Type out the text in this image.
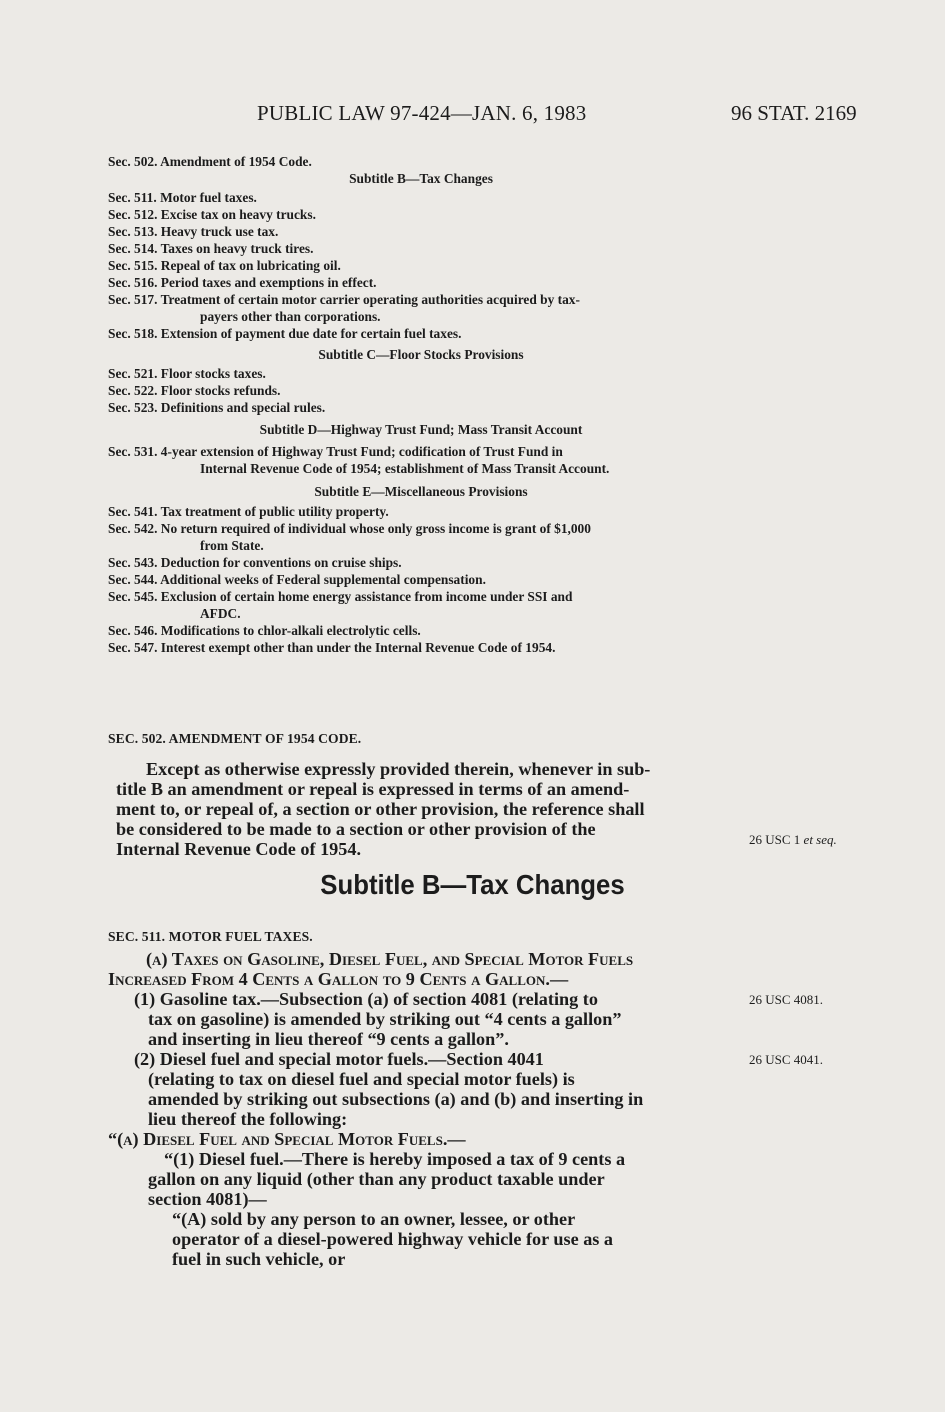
PUBLIC LAW 97-424—JAN. 6, 1983	96 STAT. 2169
Sec. 502. Amendment of 1954 Code.
Subtitle B—Tax Changes
Sec. 511. Motor fuel taxes.
Sec. 512. Excise tax on heavy trucks.
Sec. 513. Heavy truck use tax.
Sec. 514. Taxes on heavy truck tires.
Sec. 515. Repeal of tax on lubricating oil.
Sec. 516. Period taxes and exemptions in effect.
Sec. 517. Treatment of certain motor carrier operating authorities acquired by tax-
payers other than corporations.
Sec. 518. Extension of payment due date for certain fuel taxes.
Subtitle C—Floor Stocks Provisions
Sec. 521. Floor stocks taxes.
Sec. 522. Floor stocks refunds.
Sec. 523. Definitions and special rules.
Subtitle D—Highway Trust Fund; Mass Transit Account
Sec. 531. 4-year extension of Highway Trust Fund; codification of Trust Fund in
Internal Revenue Code of 1954; establishment of Mass Transit Account.
Subtitle E—Miscellaneous Provisions
Sec. 541. Tax treatment of public utility property.
Sec. 542. No return required of individual whose only gross income is grant of $1,000
from State.
Sec. 543. Deduction for conventions on cruise ships.
Sec. 544. Additional weeks of Federal supplemental compensation.
Sec. 545. Exclusion of certain home energy assistance from income under SSI and
AFDC.
Sec. 546. Modifications to chlor-alkali electrolytic cells.
Sec. 547. Interest exempt other than under the Internal Revenue Code of 1954.
SEC. 502. AMENDMENT OF 1954 CODE.

Except as otherwise expressly provided therein, whenever in sub-

title B an amendment or repeal is expressed in terms of an amend-

ment to, or repeal of, a section or other provision, the reference shall

be considered to be made to a section or other provision of the

Internal Revenue Code of 1954.	26 USC 1 et seq.
Subtitle B—Tax Changes
SEC. 511. MOTOR FUEL TAXES.

(a) Taxes on Gasoline, Diesel Fuel, and Special Motor Fuels

Increased From 4 Cents a Gallon to 9 Cents a Gallon.—

(1) Gasoline tax.—Subsection (a) of section 4081 (relating to

tax on gasoline) is amended by striking out “4 cents a gallon”

and inserting in lieu thereof “9 cents a gallon”.

(2) Diesel fuel and special motor fuels.—Section 4041

(relating to tax on diesel fuel and special motor fuels) is

amended by striking out subsections (a) and (b) and inserting in

lieu thereof the following:

“(a) Diesel Fuel and Special Motor Fuels.—

“(1) Diesel fuel.—There is hereby imposed a tax of 9 cents a

gallon on any liquid (other than any product taxable under

section 4081)—

“(A) sold by any person to an owner, lessee, or other

operator of a diesel-powered highway vehicle for use as a

fuel in such vehicle, or

26 USC 4081.
26 USC 4041.
